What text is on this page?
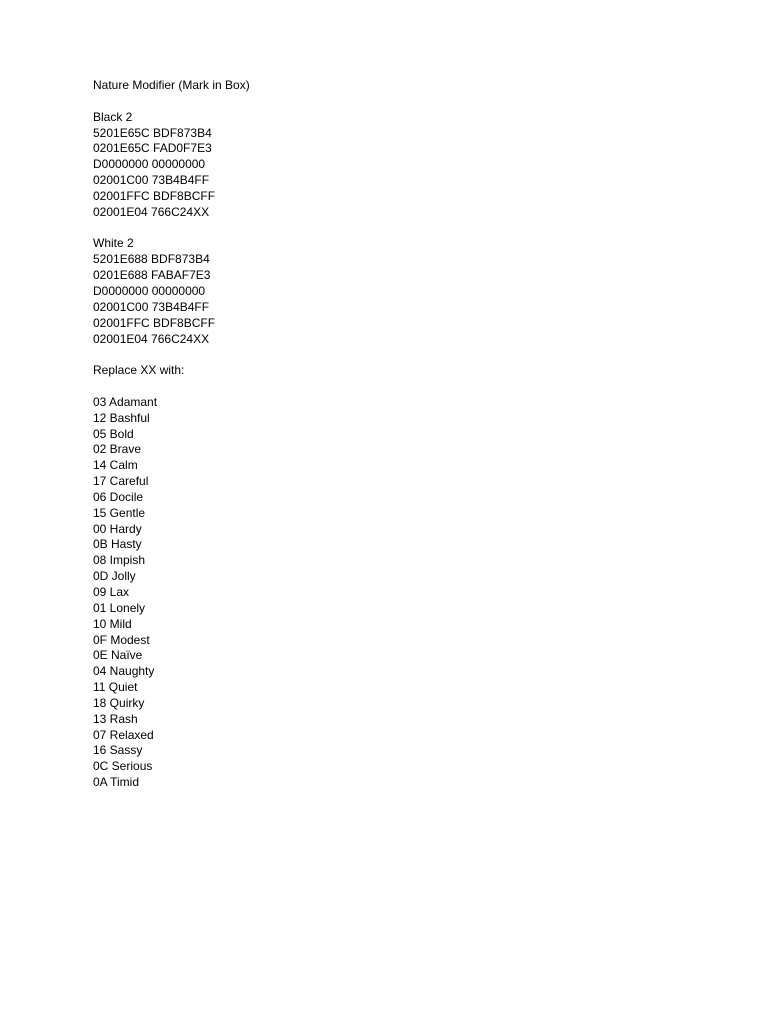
Nature Modifier (Mark in Box)
Black 2
5201E65C BDF873B4
0201E65C FAD0F7E3
D0000000 00000000
02001C00 73B4B4FF
02001FFC BDF8BCFF
02001E04 766C24XX
White 2
5201E688 BDF873B4
0201E688 FABAF7E3
D0000000 00000000
02001C00 73B4B4FF
02001FFC BDF8BCFF
02001E04 766C24XX
Replace XX with:
03 Adamant
12 Bashful
05 Bold
02 Brave
14 Calm
17 Careful
06 Docile
15 Gentle
00 Hardy
0B Hasty
08 Impish
0D Jolly
09 Lax
01 Lonely
10 Mild
0F Modest
0E Naïve
04 Naughty
11 Quiet
18 Quirky
13 Rash
07 Relaxed
16 Sassy
0C Serious
0A Timid
